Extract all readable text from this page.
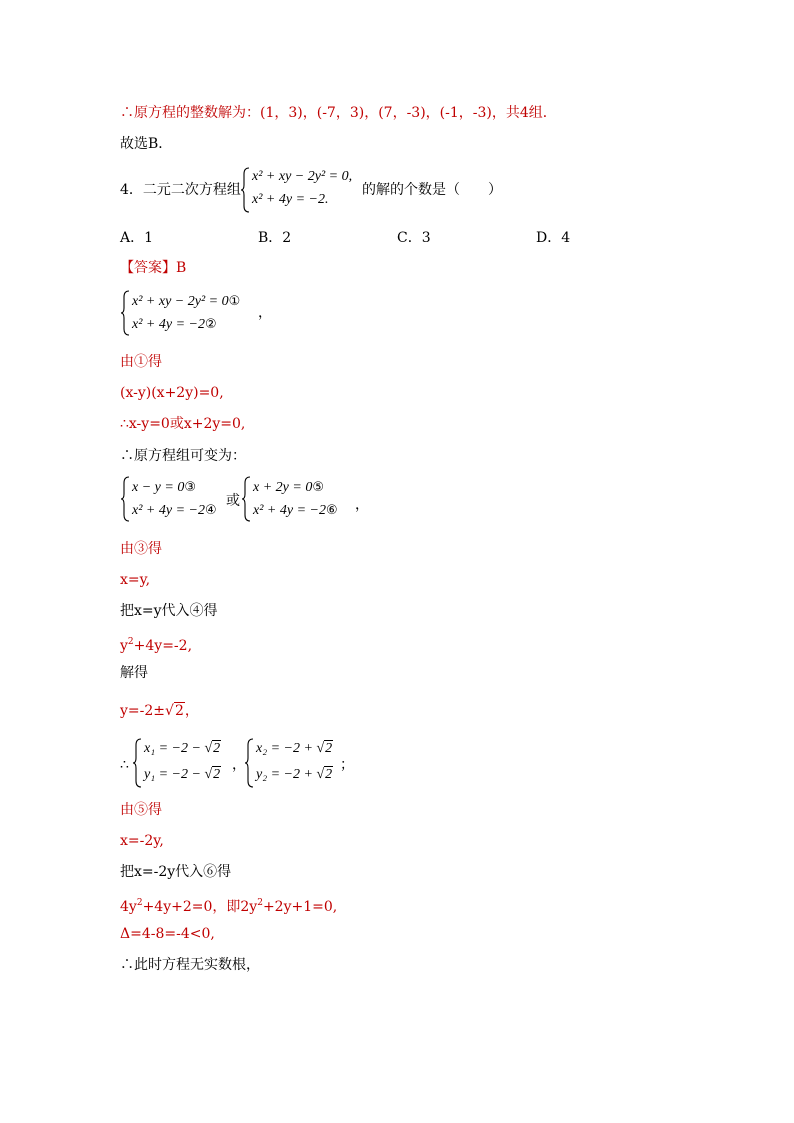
∴原方程的整数解为：(1，3)，(-7，3)，(7，-3)，(-1，-3)，共4组．
故选B．
4．二元二次方程组
x² + xy − 2y² = 0,
x² + 4y = −2.
的解的个数是（　　）
A．1	B．2	C．3	D．4
【答案】B
x² + xy − 2y² = 0①
x² + 4y = −2②
，
由①得
(x-y)(x+2y)=0,
∴x-y=0或x+2y=0,
∴原方程组可变为：
x − y = 0③
x² + 4y = −2④
或
x + 2y = 0⑤
x² + 4y = −2⑥ ，
由③得
x=y,
把x=y代入④得
$y^2+4y=-2$,
解得
y=-2±√2，
∴
x₁ = −2 − √2
y₁ = −2 − √2
，
x₂ = −2 + √2
y₂ = −2 + √2
；
由⑤得
x=-2y,
把x=-2y代入⑥得
$4y^2+4y+2=0$，即$2y^2+2y+1=0$,
Δ=4-8=-4<0,
∴此时方程无实数根，
